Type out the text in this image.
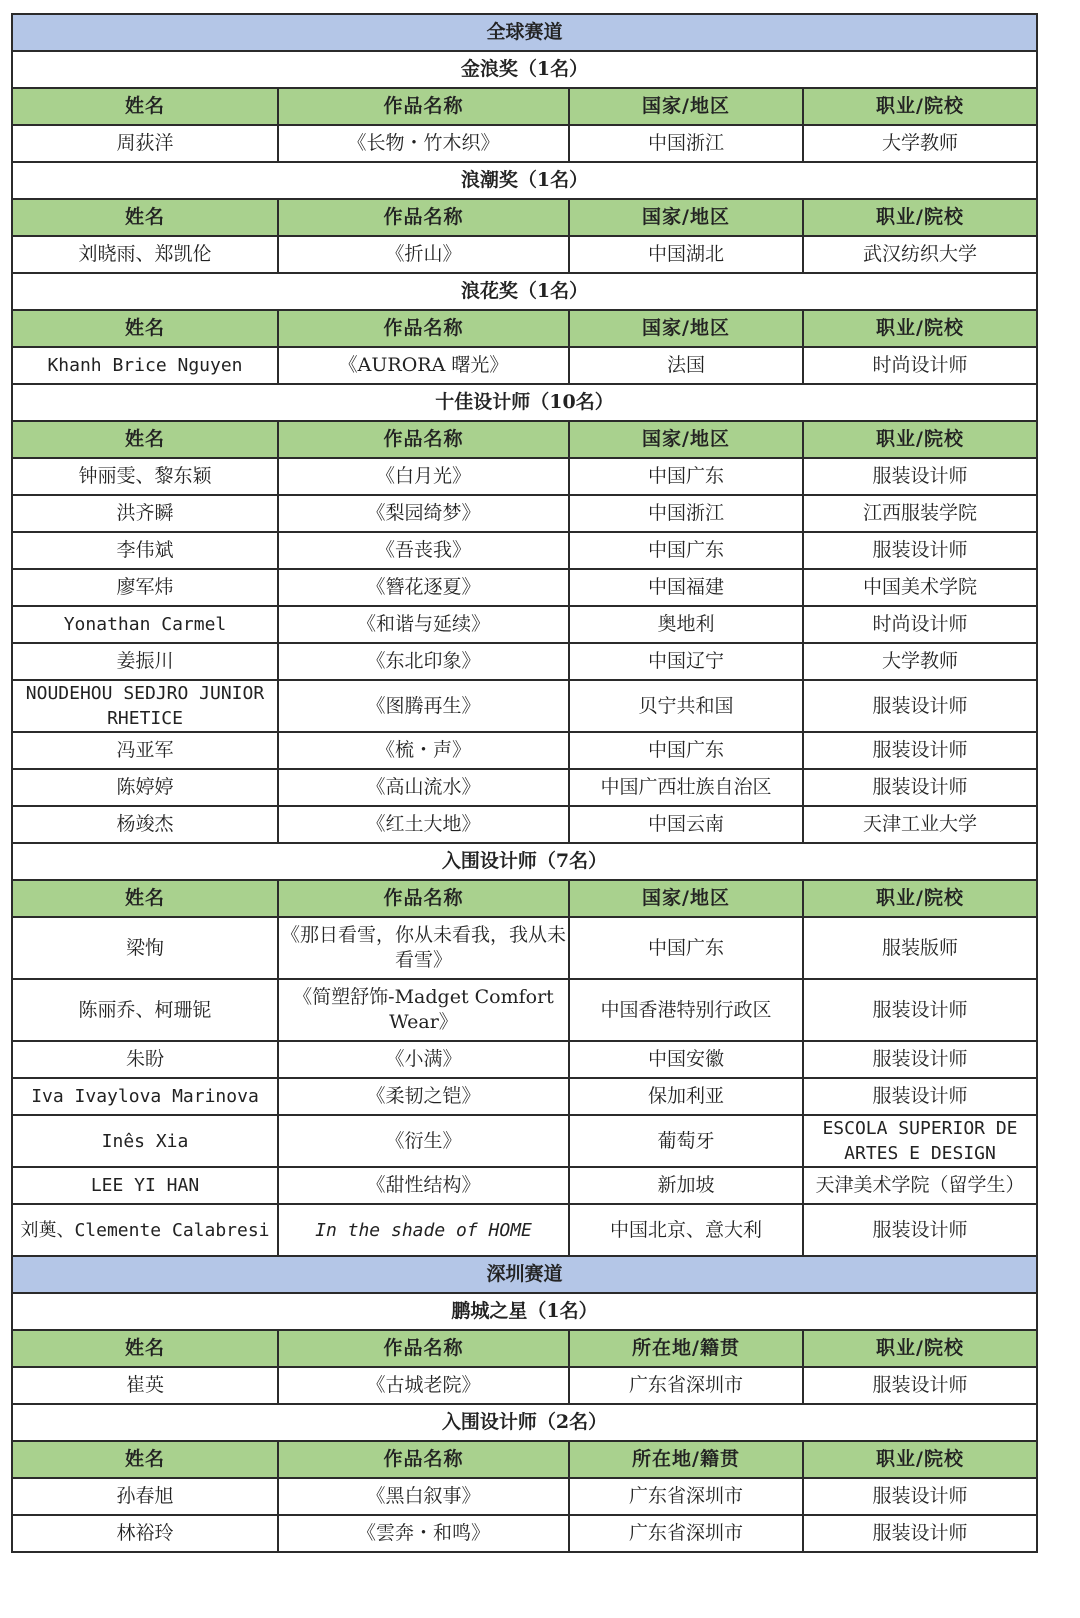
全球赛道			
金浪奖（1名）			
姓名	作品名称	国家/地区	职业/院校
周荻洋	《长物・竹木织》	中国浙江	大学教师
浪潮奖（1名）			
姓名	作品名称	国家/地区	职业/院校
刘晓雨、郑凯伦	《折山》	中国湖北	武汉纺织大学
浪花奖（1名）			
姓名	作品名称	国家/地区	职业/院校
Khanh Brice Nguyen	《AURORA 曙光》	法国	时尚设计师
十佳设计师（10名）			
姓名	作品名称	国家/地区	职业/院校
钟丽雯、黎东颖	《白月光》	中国广东	服装设计师
洪齐瞬	《梨园绮梦》	中国浙江	江西服装学院
李伟斌	《吾丧我》	中国广东	服装设计师
廖军炜	《簪花逐夏》	中国福建	中国美术学院
Yonathan Carmel	《和谐与延续》	奥地利	时尚设计师
姜振川	《东北印象》	中国辽宁	大学教师
NOUDEHOU SEDJRO JUNIOR RHETICE	《图腾再生》	贝宁共和国	服装设计师
冯亚军	《梳・声》	中国广东	服装设计师
陈婷婷	《高山流水》	中国广西壮族自治区	服装设计师
杨竣杰	《红土大地》	中国云南	天津工业大学
入围设计师（7名）			
姓名	作品名称	国家/地区	职业/院校
梁恂	《那日看雪，你从未看我，我从未看雪》	中国广东	服装版师
陈丽乔、柯珊铌	《简塑舒饰-Madget Comfort Wear》	中国香港特别行政区	服装设计师
朱盼	《小满》	中国安徽	服装设计师
Iva Ivaylova Marinova	《柔韧之铠》	保加利亚	服装设计师
Inês Xia	《衍生》	葡萄牙	ESCOLA SUPERIOR DE ARTES E DESIGN
LEE YI HAN	《甜性结构》	新加坡	天津美术学院（留学生）
刘薁、Clemente Calabresi	In the shade of HOME	中国北京、意大利	服装设计师
深圳赛道			
鹏城之星（1名）			
姓名	作品名称	所在地/籍贯	职业/院校
崔英	《古城老院》	广东省深圳市	服装设计师
入围设计师（2名）			
姓名	作品名称	所在地/籍贯	职业/院校
孙春旭	《黑白叙事》	广东省深圳市	服装设计师
林裕玲	《雲奔・和鸣》	广东省深圳市	服装设计师
